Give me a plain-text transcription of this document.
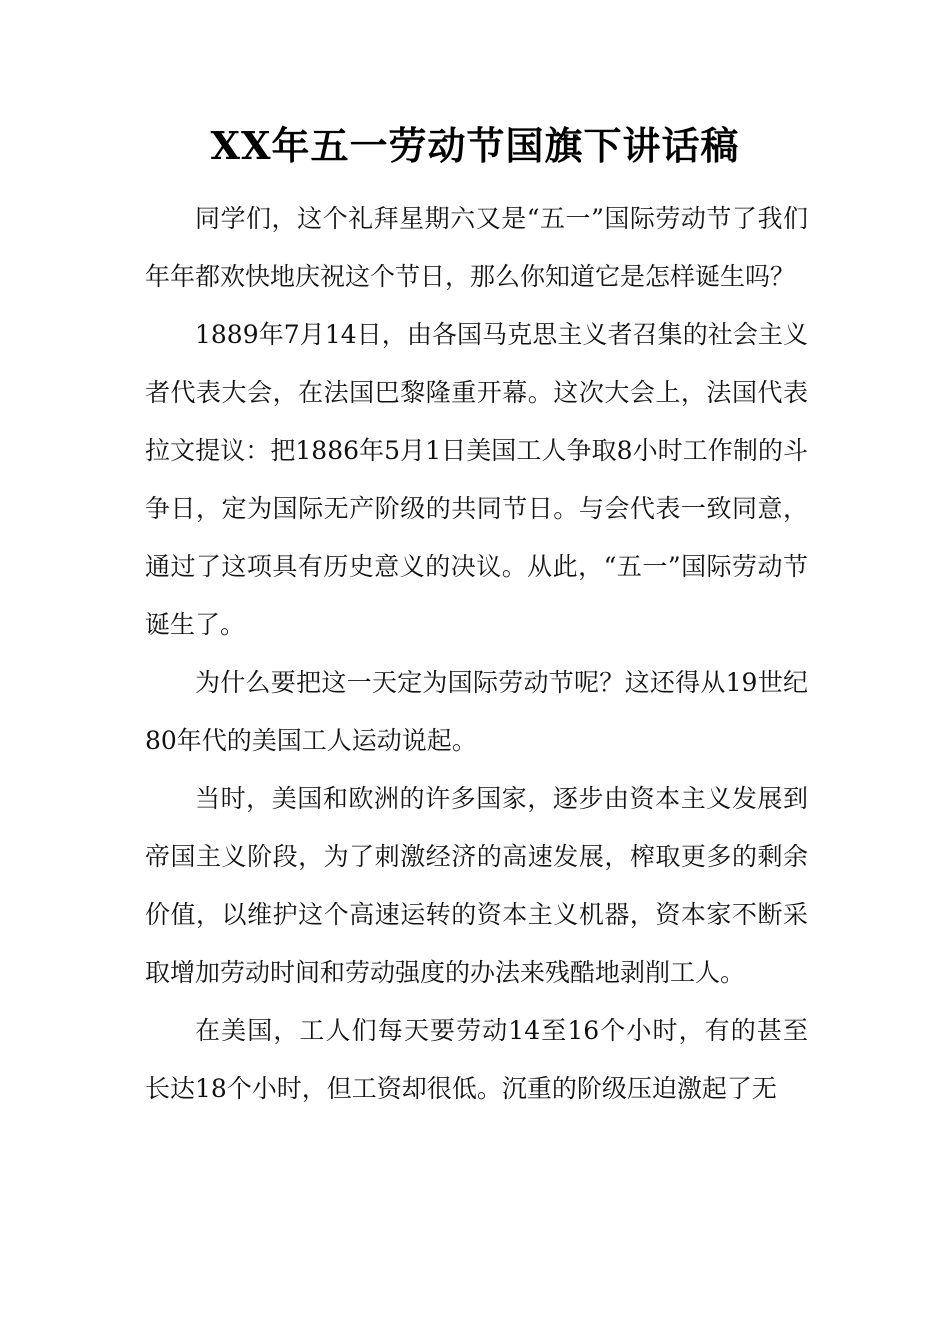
XX年五一劳动节国旗下讲话稿

同学们，这个礼拜星期六又是“五一”国际劳动节了我们年年都欢快地庆祝这个节日，那么你知道它是怎样诞生吗？

1889年7月14日，由各国马克思主义者召集的社会主义者代表大会，在法国巴黎隆重开幕。这次大会上，法国代表拉文提议：把1886年5月1日美国工人争取8小时工作制的斗争日，定为国际无产阶级的共同节日。与会代表一致同意，通过了这项具有历史意义的决议。从此，“五一”国际劳动节诞生了。

为什么要把这一天定为国际劳动节呢？这还得从19世纪80年代的美国工人运动说起。

当时，美国和欧洲的许多国家，逐步由资本主义发展到帝国主义阶段，为了刺激经济的高速发展，榨取更多的剩余价值，以维护这个高速运转的资本主义机器，资本家不断采取增加劳动时间和劳动强度的办法来残酷地剥削工人。

在美国，工人们每天要劳动14至16个小时，有的甚至长达18个小时，但工资却很低。沉重的阶级压迫激起了无
